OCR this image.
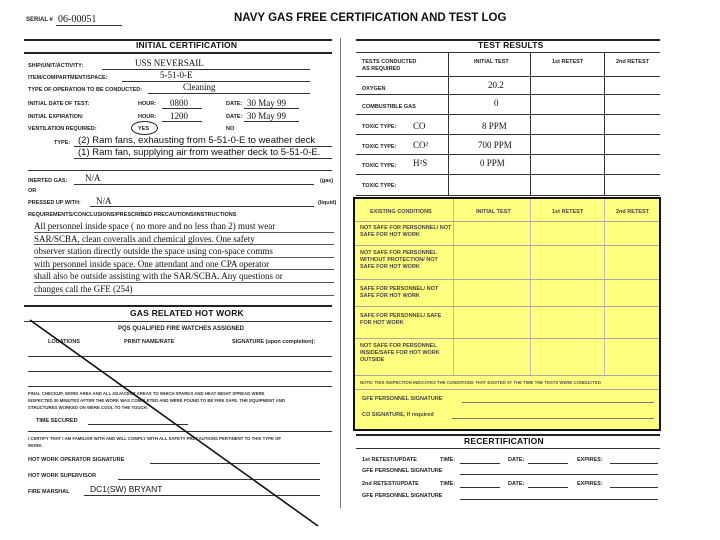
SERIAL # 06-00051	NAVY GAS FREE CERTIFICATION AND TEST LOG
INITIAL CERTIFICATION
SHIP/UNIT/ACTIVITY:	USS NEVERSAIL
ITEM/COMPARTMENT/SPACE:	5-51-0-E
TYPE OF OPERATION TO BE CONDUCTED:	Cleaning
INITIAL DATE OF TEST:	HOUR: 0800	DATE: 30 May 99
INITIAL EXPIRATION:	HOUR: 1200	DATE: 30 May 99
VENTILATION REQUIRED:	YES	NO
TYPE: (2) Ram fans, exhausting from 5-51-0-E to weather deck
(1) Ram fan, supplying air from weather deck to 5-51-0-E.
INERTED GAS: N/A	(gas)
OR
PRESSED UP WITH: N/A	(liquid)
REQUIREMENTS/CONCLUSIONS/PRESCRIBED PRECAUTIONS/INSTRUCTIONS
All personnel inside space ( no more and no less than 2) must wear
SAR/SCBA, clean coveralls and chemical gloves. One safety
observer station directly outside the space using con-space comms
with personnel inside space. One attendant and one CPA operator
shall also be outside assisting with the SAR/SCBA. Any questions or
changes call the GFE (254)
GAS RELATED HOT WORK
PQS QUALIFIED FIRE WATCHES ASSIGNED
LOCATIONS	PRINT NAME/RATE	SIGNATURE (upon completion):
FINAL CHECKUP, WORK AREA AND ALL ADJACENT AREAS TO WHICH SPARKS AND HEAT MIGHT SPREAD WERE
INSPECTED 30 MINUTES AFTER THE WORK WAS COMPLETED AND WERE FOUND TO BE FIRE SAFE. THE EQUIPMENT AND
STRUCTURES WORKED ON WERE COOL TO THE TOUCH.
TIME SECURED
I CERTIFY THAT I AM FAMILIAR WITH AND WILL COMPLY WITH ALL SAFETY PRECAUTIONS PERTINENT TO THIS TYPE OF
WORK.
HOT WORK OPERATOR SIGNATURE
HOT WORK SUPERVISOR
FIRE MARSHAL DC1(SW) BRYANT
TEST RESULTS
TESTS CONDUCTED
AS REQUIRED
INITIAL TEST	1st RETEST	2nd RETEST
OXYGEN	20.2
COMBUSTIBLE GAS	0
TOXIC TYPE: CO	8 PPM
TOXIC TYPE: CO²	700 PPM
TOXIC TYPE: H²S	0 PPM
TOXIC TYPE:
EXISTING CONDITIONS	INITIAL TEST	1st RETEST	2nd RETEST
NOT SAFE FOR PERSONNEL/ NOT SAFE FOR HOT WORK
NOT SAFE FOR PERSONNEL WITHOUT PROTECTION/ NOT SAFE FOR HOT WORK
SAFE FOR PERSONNEL/ NOT SAFE FOR HOT WORK
SAFE FOR PERSONNEL/ SAFE FOR HOT WORK
NOT SAFE FOR PERSONNEL INSIDE/SAFE FOR HOT WORK OUTSIDE
NOTE: THIS INSPECTION INDICATES THE CONDITIONS THAT EXISTED AT THE TIME THE TESTS WERE CONDUCTED
GFE PERSONNEL SIGNATURE
CO SIGNATURE, If required
RECERTIFICATION
1st RETEST/UPDATE	TIME:	DATE:	EXPIRES:
GFE PERSONNEL SIGNATURE
2nd RETEST/UPDATE	TIME:	DATE:	EXPIRES:
GFE PERSONNEL SIGNATURE
